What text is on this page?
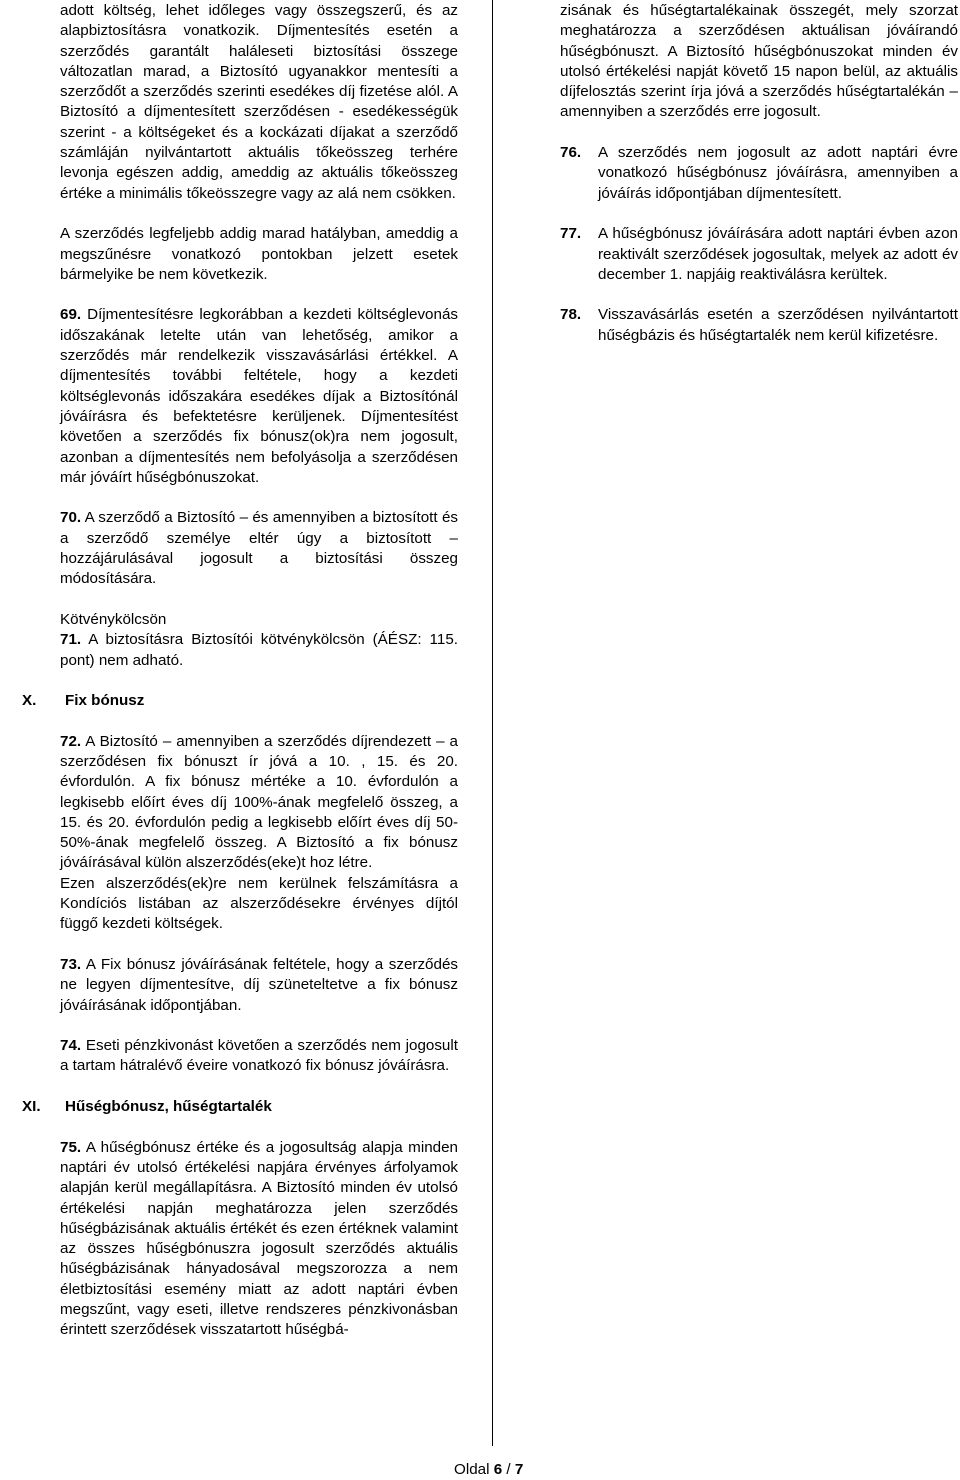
adott költség, lehet időleges vagy összegszerű, és az alapbiztosításra vonatkozik. Díjmentesítés esetén a szerződés garantált haláleseti biztosítási összege változatlan marad, a Biztosító ugyanakkor mentesíti a szerződőt a szerződés szerinti esedékes díj fizetése alól. A Biztosító a díjmentesített szerződésen - esedékességük szerint - a költségeket és a kockázati díjakat a szerződő számláján nyilvántartott aktuális tőkeösszeg terhére levonja egészen addig, ameddig az aktuális tőkeösszeg értéke a minimális tőkeösszegre vagy az alá nem csökken.

A szerződés legfeljebb addig marad hatályban, ameddig a megszűnésre vonatkozó pontokban jelzett esetek bármelyike be nem következik.

69. Díjmentesítésre legkorábban a kezdeti költséglevonás időszakának letelte után van lehetőség, amikor a szerződés már rendelkezik visszavásárlási értékkel. A díjmentesítés további feltétele, hogy a kezdeti költséglevonás időszakára esedékes díjak a Biztosítónál jóváírásra és befektetésre kerüljenek. Díjmentesítést követően a szerződés fix bónusz(ok)ra nem jogosult, azonban a díjmentesítés nem befolyásolja a szerződésen már jóváírt hűségbónuszokat.

70. A szerződő a Biztosító – és amennyiben a biztosított és a szerződő személye eltér úgy a biztosított – hozzájárulásával jogosult a biztosítási összeg módosítására.

Kötvénykölcsön

71. A biztosításra Biztosítói kötvénykölcsön (ÁÉSZ: 115. pont) nem adható.

X.	Fix bónusz

72. A Biztosító – amennyiben a szerződés díjrendezett – a szerződésen fix bónuszt ír jóvá a 10. , 15. és 20. évfordulón. A fix bónusz mértéke a 10. évfordulón a legkisebb előírt éves díj 100%-ának megfelelő összeg, a 15. és 20. évfordulón pedig a legkisebb előírt éves díj 50-50%-ának megfelelő összeg. A Biztosító a fix bónusz jóváírásával külön alszerződés(eke)t hoz létre.

Ezen alszerződés(ek)re nem kerülnek felszámításra a Kondíciós listában az alszerződésekre érvényes díjtól függő kezdeti költségek.

73. A Fix bónusz jóváírásának feltétele, hogy a szerződés ne legyen díjmentesítve, díj szüneteltetve a fix bónusz jóváírásának időpontjában.

74. Eseti pénzkivonást követően a szerződés nem jogosult a tartam hátralévő éveire vonatkozó fix bónusz jóváírásra.

XI.	Hűségbónusz, hűségtartalék

75. A hűségbónusz értéke és a jogosultság alapja minden naptári év utolsó értékelési napjára érvényes árfolyamok alapján kerül megállapításra. A Biztosító minden év utolsó értékelési napján meghatározza jelen szerződés hűségbázisának aktuális értékét és ezen értéknek valamint az összes hűségbónuszra jogosult szerződés aktuális hűségbázisának hányadosával megszorozza a nem életbiztosítási esemény miatt az adott naptári évben megszűnt, vagy eseti, illetve rendszeres pénzkivonásban érintett szerződések visszatartott hűségbá-

zisának és hűségtartalékainak összegét, mely szorzat meghatározza a szerződésen aktuálisan jóváírandó hűségbónuszt. A Biztosító hűségbónuszokat minden év utolsó értékelési napját követő 15 napon belül, az aktuális díjfelosztás szerint írja jóvá a szerződés hűségtartalékán – amennyiben a szerződés erre jogosult.

76. A szerződés nem jogosult az adott naptári évre vonatkozó hűségbónusz jóváírásra, amennyiben a jóváírás időpontjában díjmentesített.

77. A hűségbónusz jóváírására adott naptári évben azon reaktivált szerződések jogosultak, melyek az adott év december 1. napjáig reaktiválásra kerültek.

78. Visszavásárlás esetén a szerződésen nyilvántartott hűségbázis és hűségtartalék nem kerül kifizetésre.

Oldal 6 / 7
